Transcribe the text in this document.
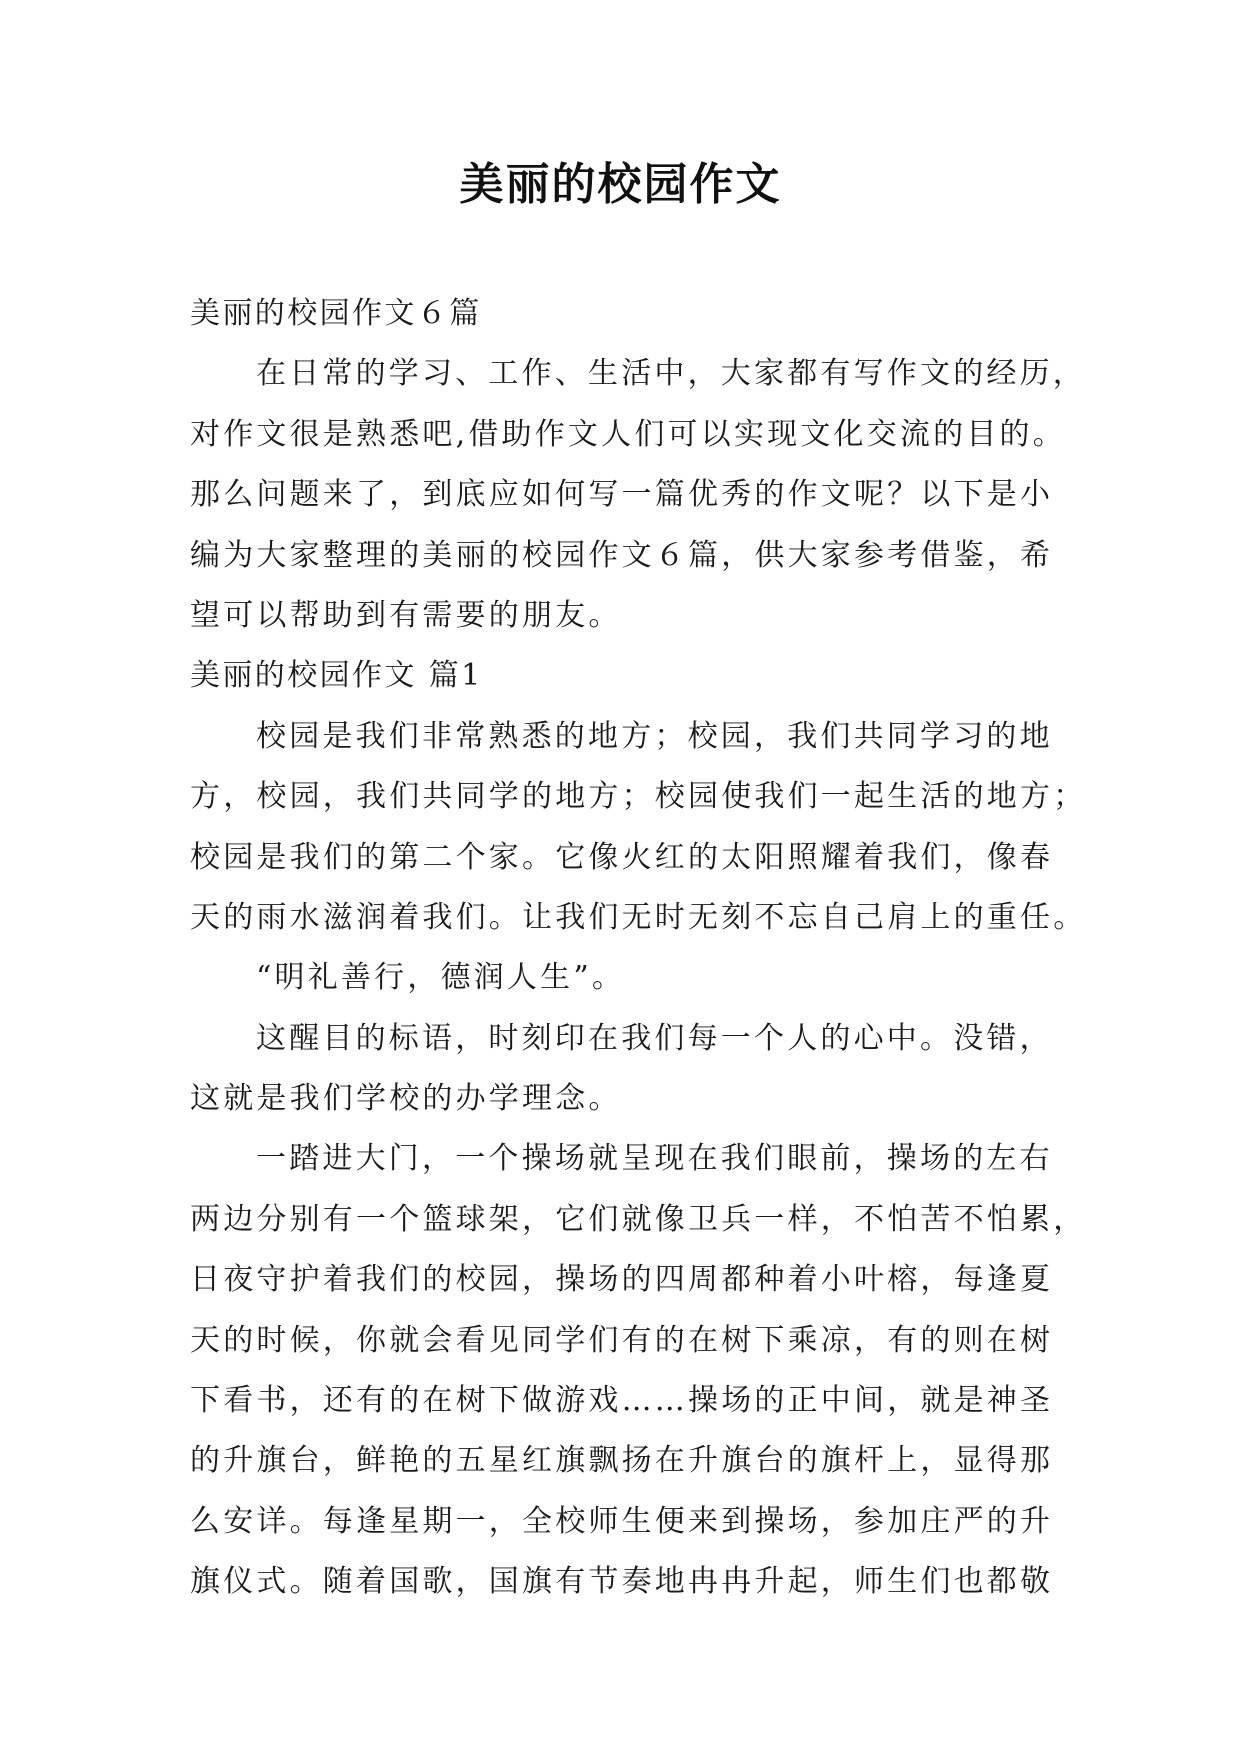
美丽的校园作文

美丽的校园作文６篇

在日常的学习、工作、生活中，大家都有写作文的经历，

对作文很是熟悉吧,借助作文人们可以实现文化交流的目的。

那么问题来了，到底应如何写一篇优秀的作文呢？以下是小

编为大家整理的美丽的校园作文６篇，供大家参考借鉴，希

望可以帮助到有需要的朋友。

美丽的校园作文 篇1

校园是我们非常熟悉的地方；校园，我们共同学习的地

方，校园，我们共同学的地方；校园使我们一起生活的地方；

校园是我们的第二个家。它像火红的太阳照耀着我们，像春

天的雨水滋润着我们。让我们无时无刻不忘自己肩上的重任。

“明礼善行，德润人生”。

这醒目的标语，时刻印在我们每一个人的心中。没错，

这就是我们学校的办学理念。

一踏进大门，一个操场就呈现在我们眼前，操场的左右

两边分别有一个篮球架，它们就像卫兵一样，不怕苦不怕累，

日夜守护着我们的校园，操场的四周都种着小叶榕，每逢夏

天的时候，你就会看见同学们有的在树下乘凉，有的则在树

下看书，还有的在树下做游戏……操场的正中间，就是神圣

的升旗台，鲜艳的五星红旗飘扬在升旗台的旗杆上，显得那

么安详。每逢星期一，全校师生便来到操场，参加庄严的升

旗仪式。随着国歌，国旗有节奏地冉冉升起，师生们也都敬
